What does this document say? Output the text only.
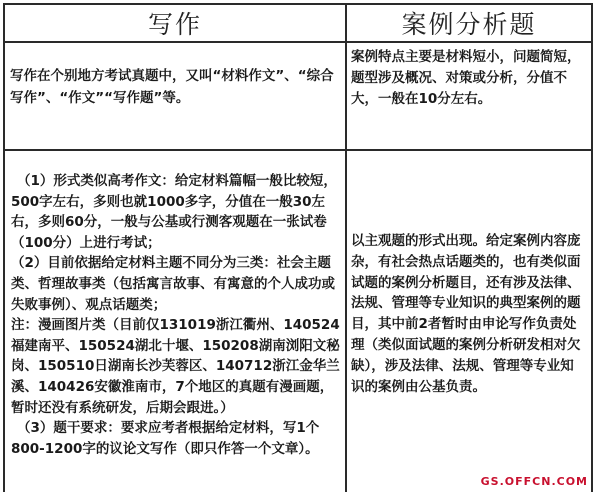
写作	案例分析题
写作在个别地方考试真题中，又叫“材料作文”、“综合写作”、“作文”“写作题”等。	案例特点主要是材料短小，问题简短，题型涉及概况、对策或分析，分值不大，一般在10分左右。

（1）形式类似高考作文：给定材料篇幅一般比较短，500字左右，多则也就1000多字，分值在一般30左右，多则60分，一般与公基或行测客观题在一张试卷（100分）上进行考试；
（2）目前依据给定材料主题不同分为三类：社会主题类、哲理故事类（包括寓言故事、有寓意的个人成功或失败事例）、观点话题类；
注：漫画图片类（目前仅131019浙江衢州、140524福建南平、150524湖北十堰、150208湖南浏阳文秘岗、150510日湖南长沙芙蓉区、140712浙江金华兰溪、140426安徽淮南市，7个地区的真题有漫画题，暂时还没有系统研发，后期会跟进。）
（3）题干要求：要求应考者根据给定材料，写1个800-1200字的议论文写作（即只作答一个文章）。	以主观题的形式出现。给定案例内容庞杂，有社会热点话题类的，也有类似面试题的案例分析题目，还有涉及法律、法规、管理等专业知识的典型案例的题目，其中前2者暂时由申论写作负责处理（类似面试题的案例分析研发相对欠缺），涉及法律、法规、管理等专业知识的案例由公基负责。
GS.OFFCN.COM
